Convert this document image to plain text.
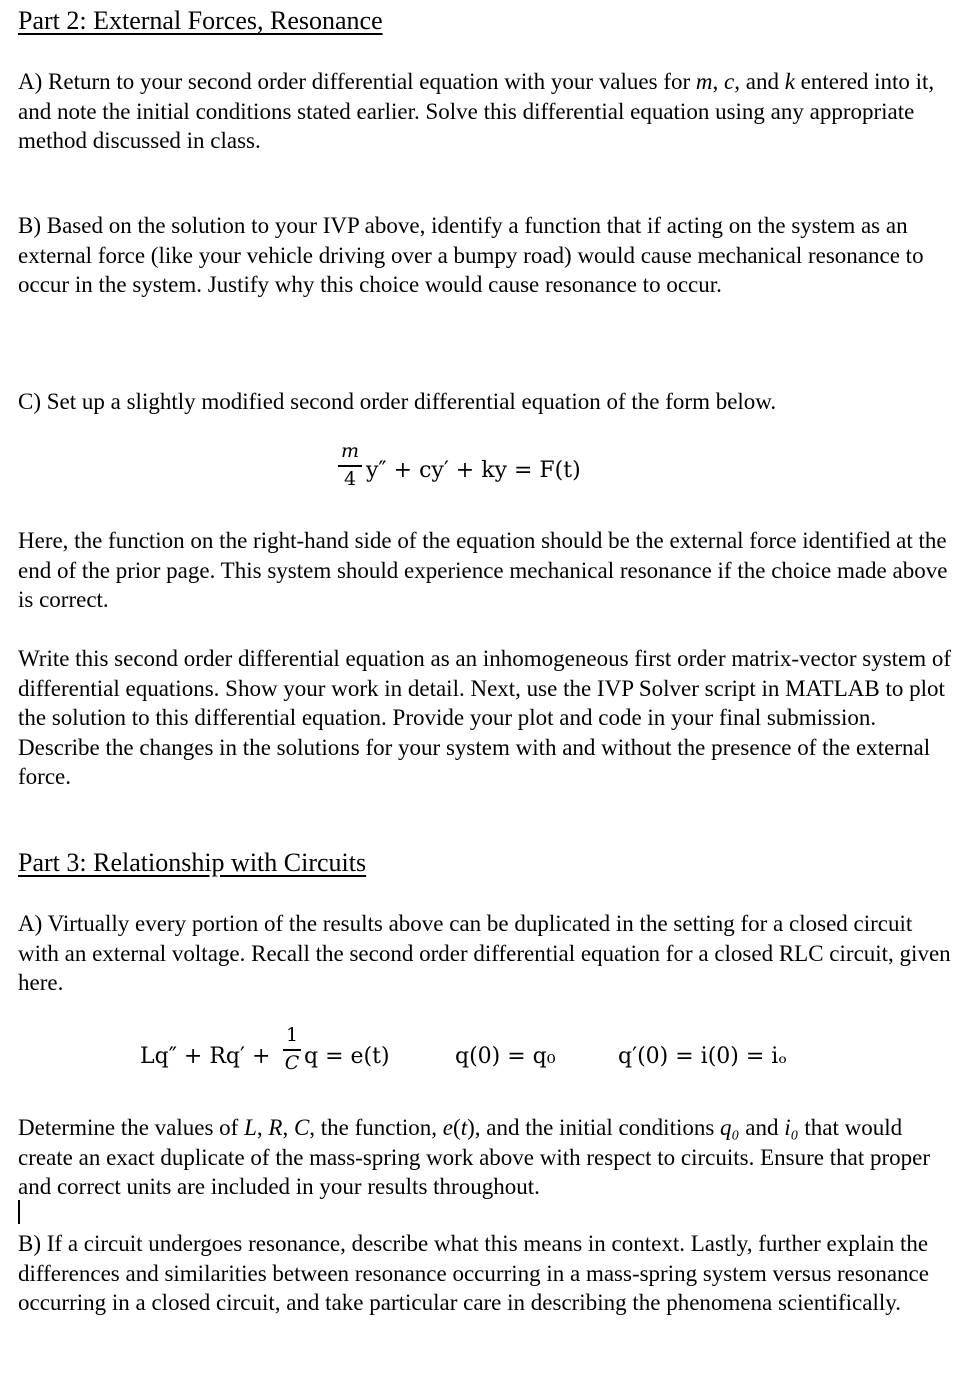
Part 2: External Forces, Resonance

A) Return to your second order differential equation with your values for m, c, and k entered into it, and note the initial conditions stated earlier. Solve this differential equation using any appropriate method discussed in class.

B) Based on the solution to your IVP above, identify a function that if acting on the system as an external force (like your vehicle driving over a bumpy road) would cause mechanical resonance to occur in the system. Justify why this choice would cause resonance to occur.

C) Set up a slightly modified second order differential equation of the form below.

m
4 y″ + cy′ + ky = F(t)

Here, the function on the right-hand side of the equation should be the external force identified at the end of the prior page. This system should experience mechanical resonance if the choice made above is correct.

Write this second order differential equation as an inhomogeneous first order matrix-vector system of differential equations. Show your work in detail. Next, use the IVP Solver script in MATLAB to plot the solution to this differential equation. Provide your plot and code in your final submission. Describe the changes in the solutions for your system with and without the presence of the external force.

Part 3: Relationship with Circuits

A) Virtually every portion of the results above can be duplicated in the setting for a closed circuit with an external voltage. Recall the second order differential equation for a closed RLC circuit, given here.

Lq″ + Rq′ +
1
C q = e(t)	q(0) = q₀	q′(0) = i(0) = iₒ

Determine the values of L, R, C, the function, e(t), and the initial conditions q₀ and i₀ that would create an exact duplicate of the mass-spring work above with respect to circuits. Ensure that proper and correct units are included in your results throughout.

B) If a circuit undergoes resonance, describe what this means in context. Lastly, further explain the differences and similarities between resonance occurring in a mass-spring system versus resonance occurring in a closed circuit, and take particular care in describing the phenomena scientifically.
